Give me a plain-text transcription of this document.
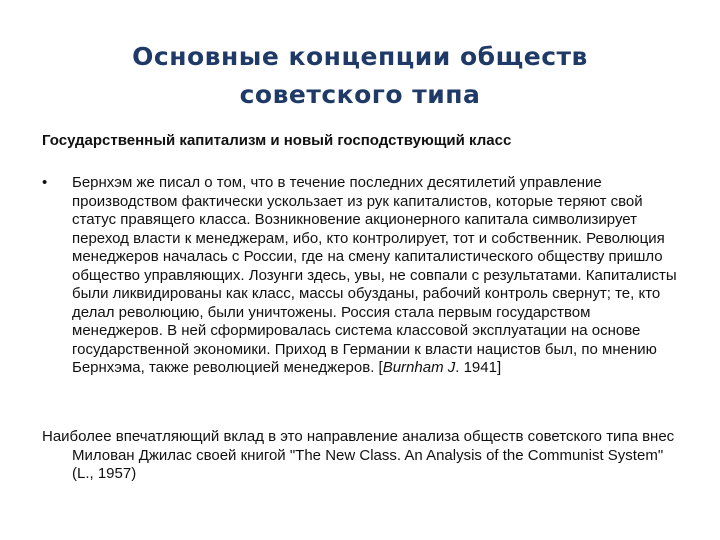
Основные концепции обществ
советского типа
Государственный капитализм и новый господствующий класс
•	Бернхэм же писал о том, что в течение последних десятилетий управление производством фактически ускользает из рук капиталистов, которые теряют свой статус правящего класса. Возникновение акционерного капитала символизирует переход власти к менеджерам, ибо, кто контролирует, тот и собственник. Революция менеджеров началась с России, где на смену капиталистического обществу пришло общество управляющих. Лозунги здесь, увы, не совпали с результатами. Капиталисты были ликвидированы как класс, массы обузданы, рабочий контроль свернут; те, кто делал революцию, были уничтожены. Россия стала первым государством менеджеров. В ней сформировалась система классовой эксплуатации на основе государственной экономики. Приход в Германии к власти нацистов был, по мнению Бернхэма, также революцией менеджеров. [Burnham J. 1941]
Наиболее впечатляющий вклад в это направление анализа обществ советского типа внес Милован Джилас своей книгой "The New Class. An Analysis of the Communist System" (L., 1957)
